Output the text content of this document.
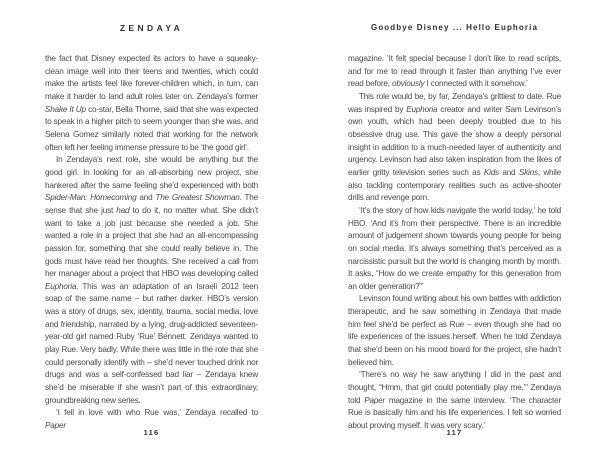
ZENDAYA

the fact that Disney expected its actors to have a squeaky-clean image well into their teens and twenties, which could make the artists feel like forever-children which, in turn, can make it harder to land adult roles later on. Zendaya’s former Shake It Up co-star, Bella Thorne, said that she was expected to speak in a higher pitch to seem younger than she was, and Selena Gomez similarly noted that working for the network often left her feeling immense pressure to be ‘the good girl’.

In Zendaya’s next role, she would be anything but the good girl. In looking for an all-absorbing new project, she hankered after the same feeling she’d experienced with both Spider-Man: Homecoming and The Greatest Showman. The sense that she just had to do it, no matter what. She didn’t want to take a job just because she needed a job. She wanted a role in a project that she had an all-encompassing passion for, something that she could really believe in. The gods must have read her thoughts. She received a call from her manager about a project that HBO was developing called Euphoria. This was an adaptation of an Israeli 2012 teen soap of the same name – but rather darker. HBO’s version was a story of drugs, sex, identity, trauma, social media, love and friendship, narrated by a lying, drug-addicted seventeen-year-old girl named Ruby ‘Rue’ Bennett. Zendaya wanted to play Rue. Very badly. While there was little in the role that she could personally identify with – she’d never touched drink nor drugs and was a self-confessed bad liar – Zendaya knew she’d be miserable if she wasn’t part of this extraordinary, groundbreaking new series.

‘I fell in love with who Rue was,’ Zendaya recalled to Paper

116
Goodbye Disney ... Hello Euphoria

magazine. ‘It felt special because I don’t like to read scripts, and for me to read through it faster than anything I’ve ever read before, obviously I connected with it somehow.’

This role would be, by far, Zendaya’s grittiest to date. Rue was inspired by Euphoria creator and writer Sam Levinson’s own youth, which had been deeply troubled due to his obsessive drug use. This gave the show a deeply personal insight in addition to a much-needed layer of authenticity and urgency. Levinson had also taken inspiration from the likes of earlier gritty television series such as Kids and Skins, while also tackling contemporary realities such as active-shooter drills and revenge porn.

‘It’s the story of how kids navigate the world today,’ he told HBO. ‘And it’s from their perspective. There is an incredible amount of judgement shown towards young people for being on social media. It’s always something that’s perceived as a narcissistic pursuit but the world is changing month by month. It asks, “How do we create empathy for this generation from an older generation?”’

Levinson found writing about his own battles with addiction therapeutic, and he saw something in Zendaya that made him feel she’d be perfect as Rue – even though she had no life experiences of the issues herself. When he told Zendaya that she’d been on his mood board for the project, she hadn’t believed him.

‘There’s no way he saw anything I did in the past and thought, “Hmm, that girl could potentially play me,”’ Zendaya told Paper magazine in the same interview. ‘The character Rue is basically him and his life experiences. I felt so worried about proving myself. It was very scary.’

117
